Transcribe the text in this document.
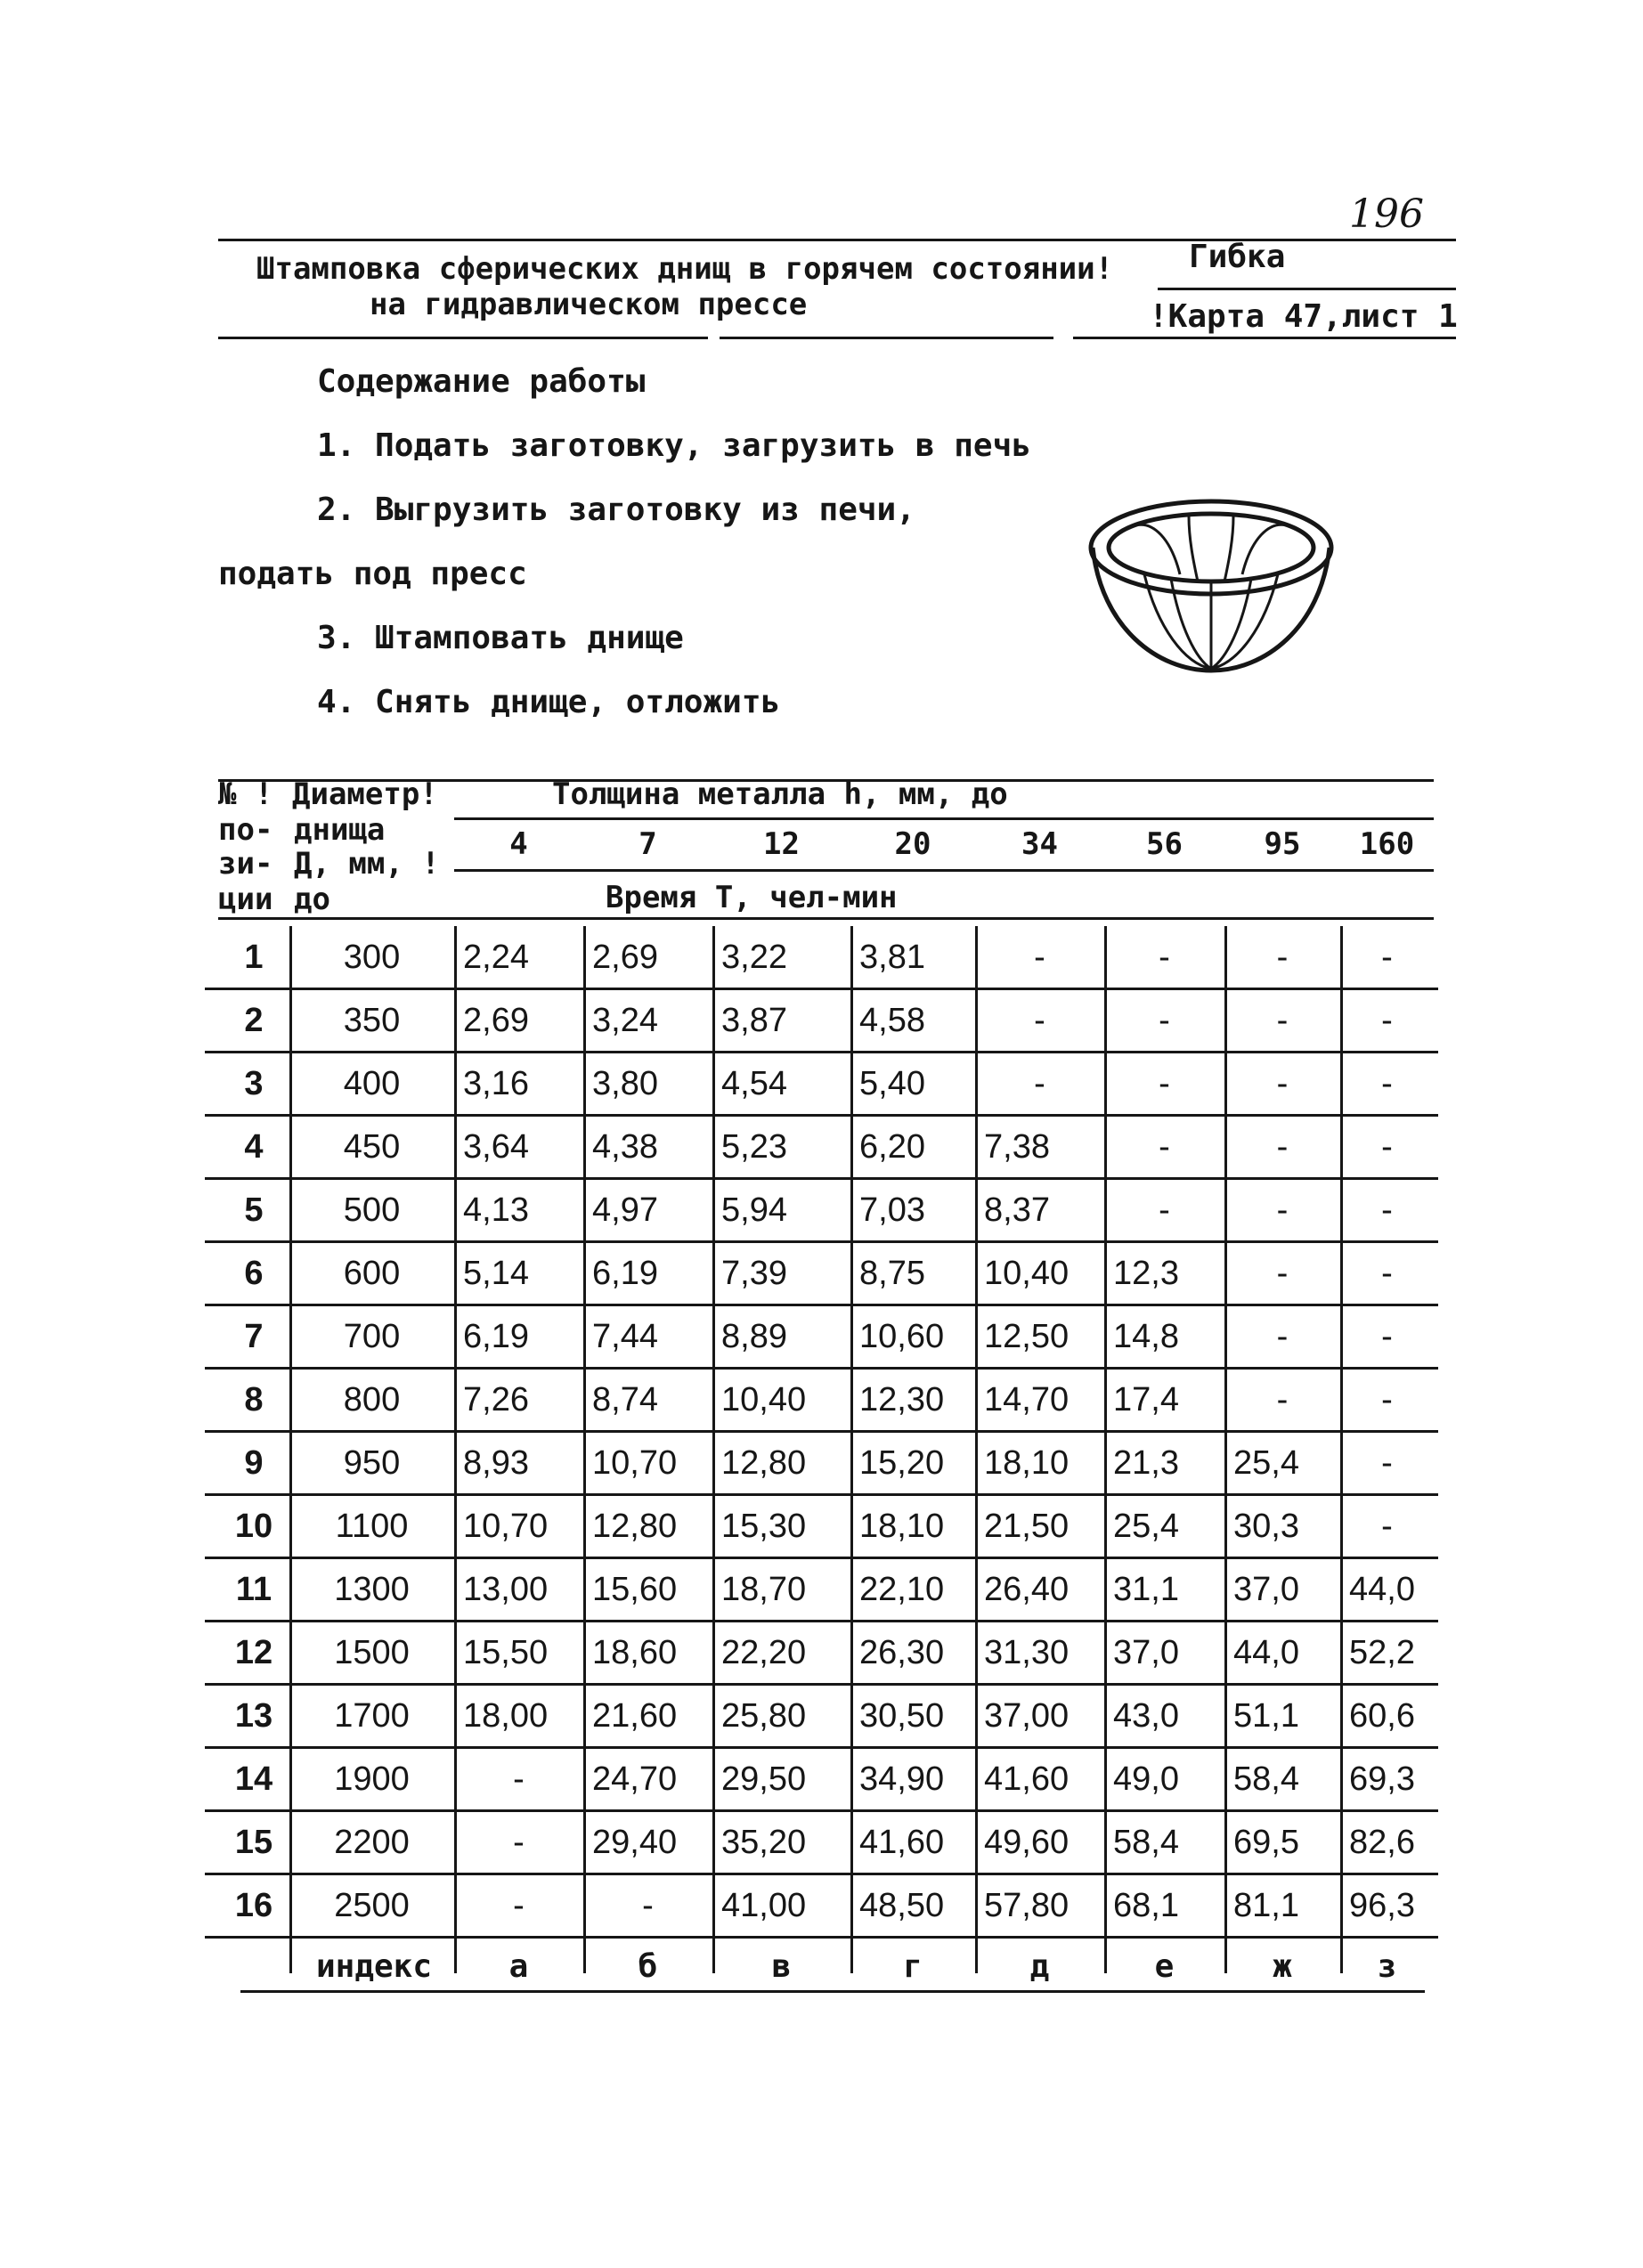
196
Штамповка сферических днищ в горячем состоянии!
на гидравлическом прессе
Гибка
!Карта 47,лист 1
Содержание работы
1. Подать заготовку, загрузить в печь
2. Выгрузить заготовку из печи,
подать под пресс
3. Штамповать днище
4. Снять днище, отложить
№ !
по-
зи-
ции
Диаметр!
днища
Д, мм, !
до
Толщина металла h, мм, до
4	7	12	20	34	56	95	160
Время Т, чел-мин
1	300	2,24	2,69	3,22	3,81	-	-	-	-
2	350	2,69	3,24	3,87	4,58	-	-	-	-
3	400	3,16	3,80	4,54	5,40	-	-	-	-
4	450	3,64	4,38	5,23	6,20	7,38	-	-	-
5	500	4,13	4,97	5,94	7,03	8,37	-	-	-
6	600	5,14	6,19	7,39	8,75	10,40	12,3	-	-
7	700	6,19	7,44	8,89	10,60	12,50	14,8	-	-
8	800	7,26	8,74	10,40	12,30	14,70	17,4	-	-
9	950	8,93	10,70	12,80	15,20	18,10	21,3	25,4	-
10	1100	10,70	12,80	15,30	18,10	21,50	25,4	30,3	-
11	1300	13,00	15,60	18,70	22,10	26,40	31,1	37,0	44,0
12	1500	15,50	18,60	22,20	26,30	31,30	37,0	44,0	52,2
13	1700	18,00	21,60	25,80	30,50	37,00	43,0	51,1	60,6
14	1900	-	24,70	29,50	34,90	41,60	49,0	58,4	69,3
15	2200	-	29,40	35,20	41,60	49,60	58,4	69,5	82,6
16	2500	-	-	41,00	48,50	57,80	68,1	81,1	96,3
индекс	а	б	в	г	д	е	ж	з
